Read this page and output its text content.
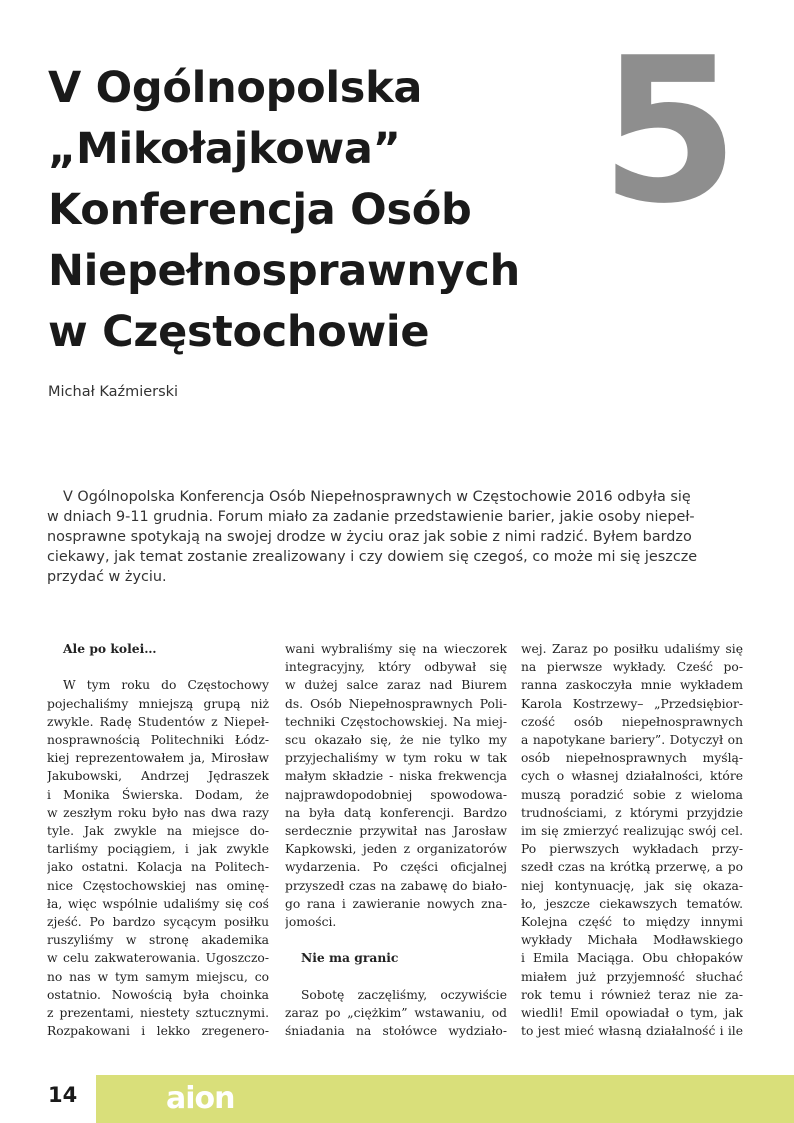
V Ogólnopolska
„Mikołajkowa”
Konferencja Osób
Niepełnosprawnych
w Częstochowie
5
Michał Kaźmierski

V Ogólnopolska Konferencja Osób Niepełnosprawnych w Częstochowie 2016 odbyła się
w dniach 9-11 grudnia. Forum miało za zadanie przedstawienie barier, jakie osoby niepeł-
nosprawne spotykają na swojej drodze w życiu oraz jak sobie z nimi radzić. Byłem bardzo
ciekawy, jak temat zostanie zrealizowany i czy dowiem się czegoś, co może mi się jeszcze
przydać w życiu.

Ale po kolei…
W tym roku do Częstochowy
pojechaliśmy mniejszą grupą niż
zwykle. Radę Studentów z Niepeł-
nosprawnością Politechniki Łódz-
kiej reprezentowałem ja, Mirosław
Jakubowski, Andrzej Jędraszek
i Monika Świerska. Dodam, że
w zeszłym roku było nas dwa razy
tyle. Jak zwykle na miejsce do-
tarliśmy pociągiem, i jak zwykle
jako ostatni. Kolacja na Politech-
nice Częstochowskiej nas ominę-
ła, więc wspólnie udaliśmy się coś
zjeść. Po bardzo sycącym posiłku
ruszyliśmy w stronę akademika
w celu zakwaterowania. Ugoszczo-
no nas w tym samym miejscu, co
ostatnio. Nowością była choinka
z prezentami, niestety sztucznymi.
Rozpakowani i lekko zregenero-
wani wybraliśmy się na wieczorek
integracyjny, który odbywał się
w dużej salce zaraz nad Biurem
ds. Osób Niepełnosprawnych Poli-
techniki Częstochowskiej. Na miej-
scu okazało się, że nie tylko my
przyjechaliśmy w tym roku w tak
małym składzie - niska frekwencja
najprawdopodobniej spowodowa-
na była datą konferencji. Bardzo
serdecznie przywitał nas Jarosław
Kapkowski, jeden z organizatorów
wydarzenia. Po części oficjalnej
przyszedł czas na zabawę do biało-
go rana i zawieranie nowych zna-
jomości.
Nie ma granic
Sobotę zaczęliśmy, oczywiście
zaraz po „ciężkim” wstawaniu, od
śniadania na stołówce wydziało-
wej. Zaraz po posiłku udaliśmy się
na pierwsze wykłady. Cześć po-
ranna zaskoczyła mnie wykładem
Karola Kostrzewy– „Przedsiębior-
czość osób niepełnosprawnych
a napotykane bariery”. Dotyczył on
osób niepełnosprawnych myślą-
cych o własnej działalności, które
muszą poradzić sobie z wieloma
trudnościami, z którymi przyjdzie
im się zmierzyć realizując swój cel.
Po pierwszych wykładach przy-
szedł czas na krótką przerwę, a po
niej kontynuację, jak się okaza-
ło, jeszcze ciekawszych tematów.
Kolejna część to między innymi
wykłady Michała Modławskiego
i Emila Maciąga. Obu chłopaków
miałem już przyjemność słuchać
rok temu i również teraz nie za-
wiedli! Emil opowiadał o tym, jak
to jest mieć własną działalność i ile
aion
14
